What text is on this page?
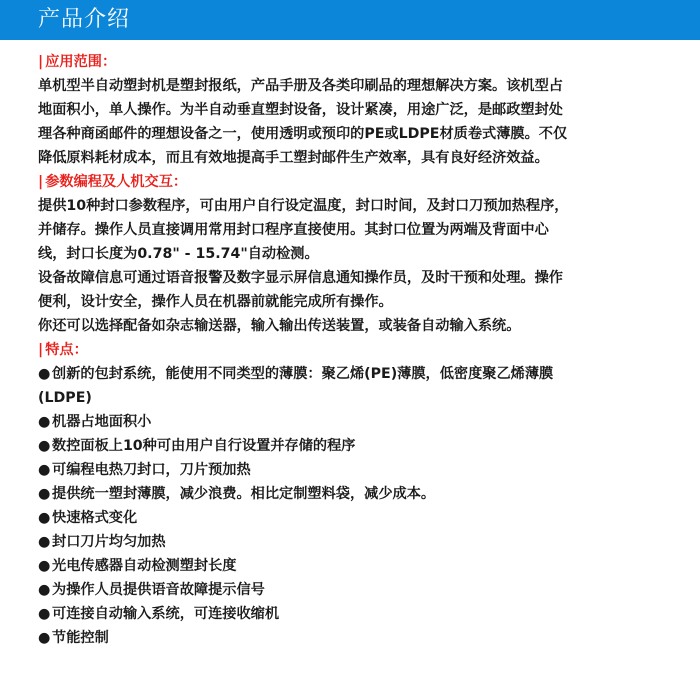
产品介绍
| 应用范围：

单机型半自动塑封机是塑封报纸，产品手册及各类印刷品的理想解决方案。该机型占
地面积小，单人操作。为半自动垂直塑封设备，设计紧凑，用途广泛，是邮政塑封处
理各种商函邮件的理想设备之一，使用透明或预印的PE或LDPE材质卷式薄膜。不仅
降低原料耗材成本，而且有效地提高手工塑封邮件生产效率，具有良好经济效益。

| 参数编程及人机交互：

提供10种封口参数程序，可由用户自行设定温度，封口时间，及封口刀预加热程序，
并储存。操作人员直接调用常用封口程序直接使用。其封口位置为两端及背面中心
线，封口长度为0.78" - 15.74"自动检测。
设备故障信息可通过语音报警及数字显示屏信息通知操作员，及时干预和处理。操作
便利，设计安全，操作人员在机器前就能完成所有操作。
你还可以选择配备如杂志输送器，输入输出传送装置，或装备自动输入系统。

| 特点：
● 创新的包封系统，能使用不同类型的薄膜：聚乙烯(PE)薄膜，低密度聚乙烯薄膜
(LDPE)
● 机器占地面积小
● 数控面板上10种可由用户自行设置并存储的程序
● 可编程电热刀封口，刀片预加热
● 提供统一塑封薄膜，减少浪费。相比定制塑料袋，减少成本。
● 快速格式变化
● 封口刀片均匀加热
● 光电传感器自动检测塑封长度
● 为操作人员提供语音故障提示信号
● 可连接自动输入系统，可连接收缩机
● 节能控制
